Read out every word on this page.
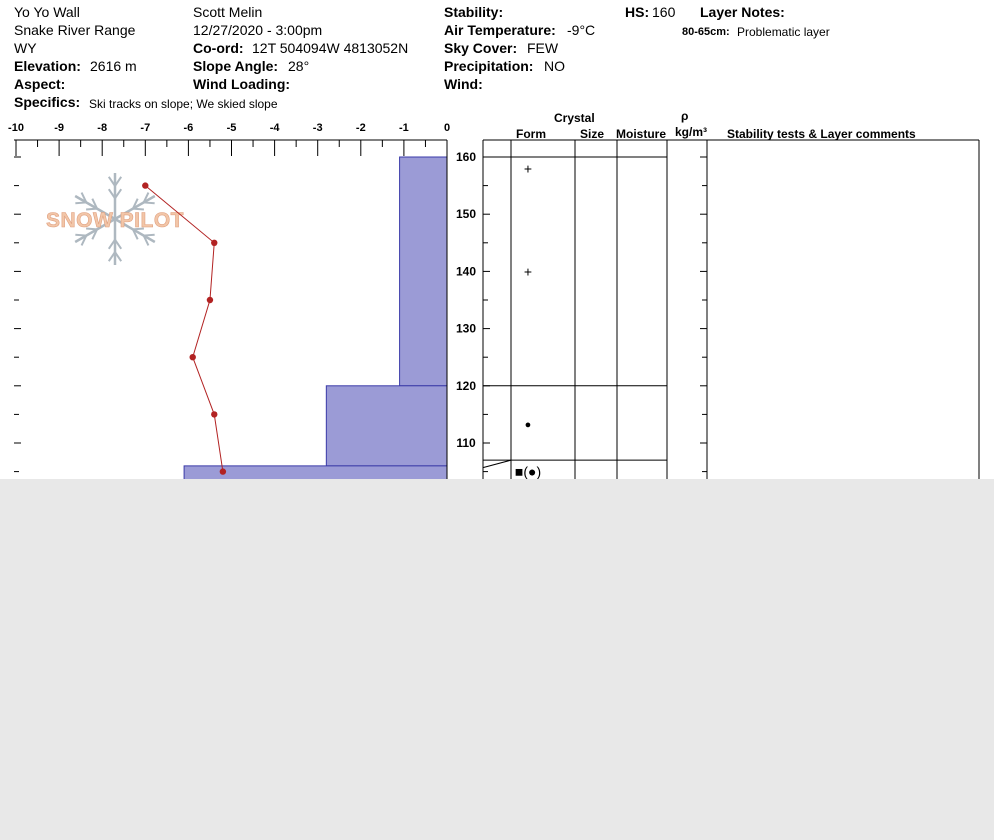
Yo Yo Wall
Snake River Range
WY
Elevation: 2616 m
Aspect:
Specifics: Ski tracks on slope; We skied slope
Scott Melin
12/27/2020 - 3:00pm
Co-ord: 12T 504094W 4813052N
Slope Angle: 28°
Wind Loading:
Stability:
Air Temperature: -9°C
Sky Cover: FEW
Precipitation: NO
Wind:
HS: 160 Layer Notes:
80-65cm: Problematic layer
Crystal
Form	Size Moisture
ρ
kg/m³ Stability tests & Layer comments
SNOW PILOT
-10	-9	-8	-7	-6	-5	-4	-3	-2	-1	0
160
150
140
130
120
110
+
+
●
■(●)
